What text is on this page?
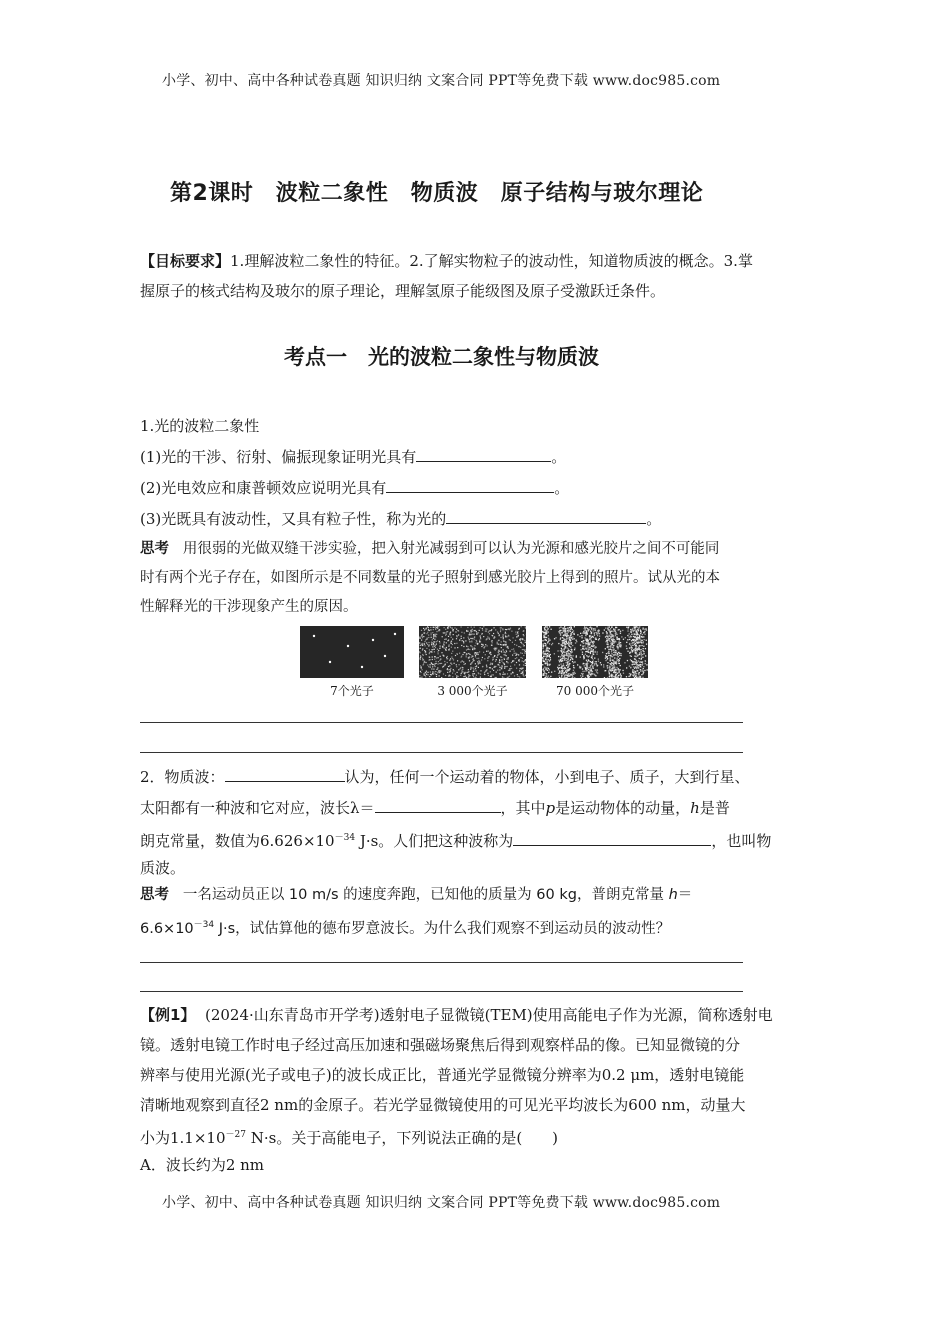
小学、初中、高中各种试卷真题 知识归纳 文案合同 PPT等免费下载 www.doc985.com
第2课时　波粒二象性　物质波　原子结构与玻尔理论
【目标要求】1.理解波粒二象性的特征。2.了解实物粒子的波动性，知道物质波的概念。3.掌
握原子的核式结构及玻尔的原子理论，理解氢原子能级图及原子受激跃迁条件。
考点一　光的波粒二象性与物质波
1.光的波粒二象性
(1)光的干涉、衍射、偏振现象证明光具有	。
(2)光电效应和康普顿效应说明光具有	。
(3)光既具有波动性，又具有粒子性，称为光的	。
思考 用很弱的光做双缝干涉实验，把入射光减弱到可以认为光源和感光胶片之间不可能同
时有两个光子存在，如图所示是不同数量的光子照射到感光胶片上得到的照片。试从光的本
性解释光的干涉现象产生的原因。
7个光子	3 000个光子	70 000个光子
2．物质波：	认为，任何一个运动着的物体，小到电子、质子，大到行星、
太阳都有一种波和它对应，波长λ＝	，其中p是运动物体的动量，h是普
朗克常量，数值为$6.626\times 10^{-34}$ J·s。人们把这种波称为	，也叫物
质波。
思考 一名运动员正以 10 m/s 的速度奔跑，已知他的质量为 60 kg，普朗克常量 h＝
$6.6\times 10^{-34}$ J·s，试估算他的德布罗意波长。为什么我们观察不到运动员的波动性？
【例1】 (2024·山东青岛市开学考)透射电子显微镜(TEM)使用高能电子作为光源，简称透射电
镜。透射电镜工作时电子经过高压加速和强磁场聚焦后得到观察样品的像。已知显微镜的分
辨率与使用光源(光子或电子)的波长成正比，普通光学显微镜分辨率为0.2 μm，透射电镜能
清晰地观察到直径2 nm的金原子。若光学显微镜使用的可见光平均波长为600 nm，动量大
小为$1.1\times 10^{-27}$ N·s。关于高能电子，下列说法正确的是(　　)
A．波长约为2 nm
小学、初中、高中各种试卷真题 知识归纳 文案合同 PPT等免费下载 www.doc985.com
